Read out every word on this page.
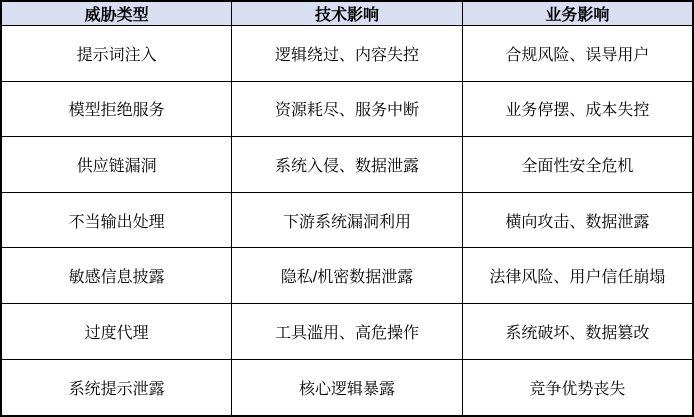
威胁类型	技术影响	业务影响
提示词注入	逻辑绕过、内容失控	合规风险、误导用户
模型拒绝服务	资源耗尽、服务中断	业务停摆、成本失控
供应链漏洞	系统入侵、数据泄露	全面性安全危机
不当输出处理	下游系统漏洞利用	横向攻击、数据泄露
敏感信息披露	隐私/机密数据泄露	法律风险、用户信任崩塌
过度代理	工具滥用、高危操作	系统破坏、数据篡改
系统提示泄露	核心逻辑暴露	竞争优势丧失
